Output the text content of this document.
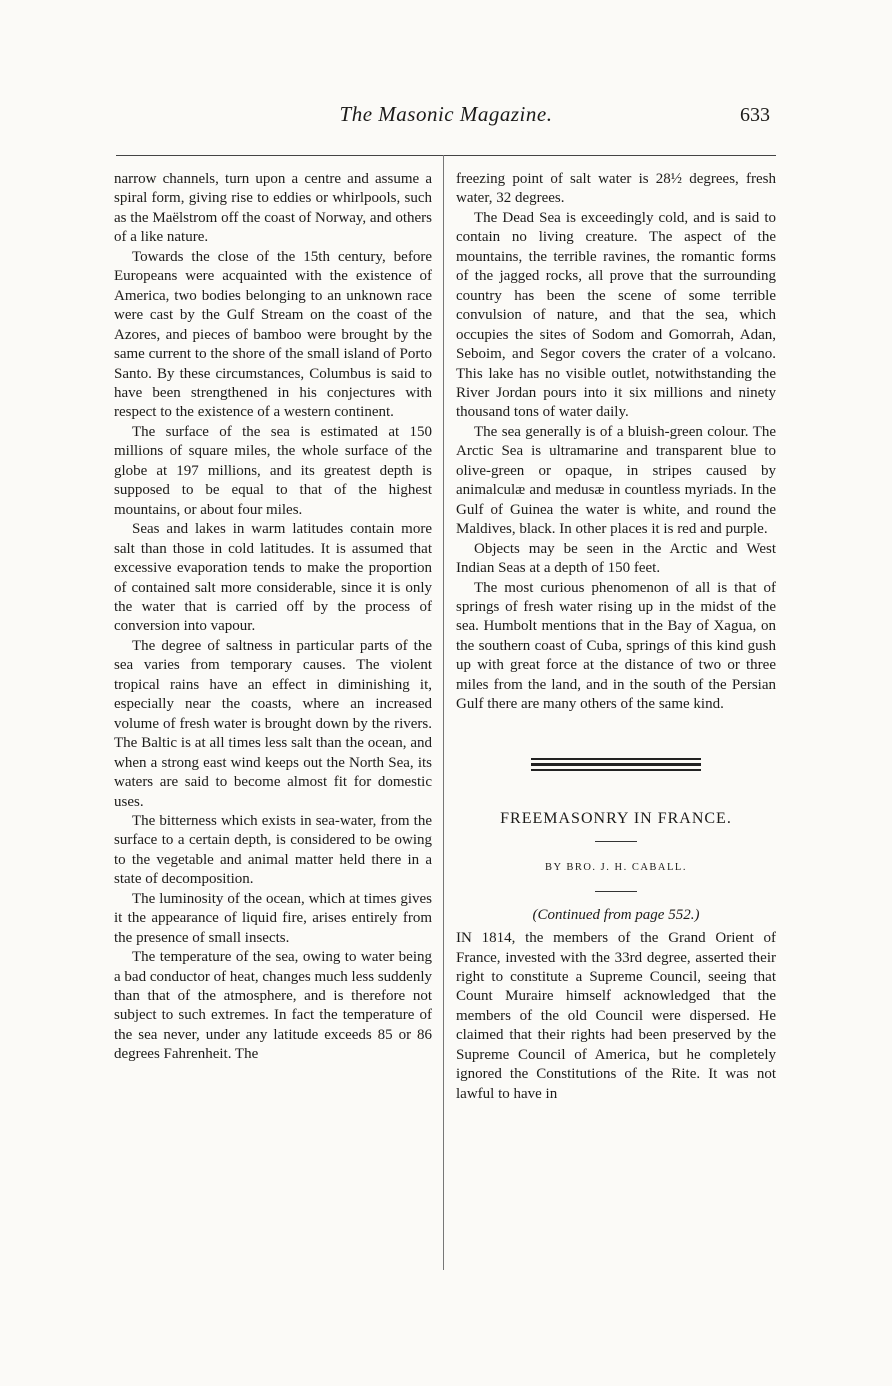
The Masonic Magazine.	633

narrow channels, turn upon a centre and assume a spiral form, giving rise to eddies or whirlpools, such as the Maëlstrom off the coast of Norway, and others of a like nature.

Towards the close of the 15th century, before Europeans were acquainted with the existence of America, two bodies belonging to an unknown race were cast by the Gulf Stream on the coast of the Azores, and pieces of bamboo were brought by the same current to the shore of the small island of Porto Santo. By these circumstances, Columbus is said to have been strengthened in his conjectures with respect to the existence of a western continent.

The surface of the sea is estimated at 150 millions of square miles, the whole surface of the globe at 197 millions, and its greatest depth is supposed to be equal to that of the highest mountains, or about four miles.

Seas and lakes in warm latitudes contain more salt than those in cold latitudes. It is assumed that excessive evaporation tends to make the proportion of contained salt more considerable, since it is only the water that is carried off by the process of conversion into vapour.

The degree of saltness in particular parts of the sea varies from temporary causes. The violent tropical rains have an effect in diminishing it, especially near the coasts, where an increased volume of fresh water is brought down by the rivers. The Baltic is at all times less salt than the ocean, and when a strong east wind keeps out the North Sea, its waters are said to become almost fit for domestic uses.

The bitterness which exists in sea-water, from the surface to a certain depth, is considered to be owing to the vegetable and animal matter held there in a state of decomposition.

The luminosity of the ocean, which at times gives it the appearance of liquid fire, arises entirely from the presence of small insects.

The temperature of the sea, owing to water being a bad conductor of heat, changes much less suddenly than that of the atmosphere, and is therefore not subject to such extremes. In fact the temperature of the sea never, under any latitude exceeds 85 or 86 degrees Fahrenheit. The

freezing point of salt water is 28½ degrees, fresh water, 32 degrees.

The Dead Sea is exceedingly cold, and is said to contain no living creature. The aspect of the mountains, the terrible ravines, the romantic forms of the jagged rocks, all prove that the surrounding country has been the scene of some terrible convulsion of nature, and that the sea, which occupies the sites of Sodom and Gomorrah, Adan, Seboim, and Segor covers the crater of a volcano. This lake has no visible outlet, notwithstanding the River Jordan pours into it six millions and ninety thousand tons of water daily.

The sea generally is of a bluish-green colour. The Arctic Sea is ultramarine and transparent blue to olive-green or opaque, in stripes caused by animalculæ and medusæ in countless myriads. In the Gulf of Guinea the water is white, and round the Maldives, black. In other places it is red and purple.

Objects may be seen in the Arctic and West Indian Seas at a depth of 150 feet.

The most curious phenomenon of all is that of springs of fresh water rising up in the midst of the sea. Humbolt mentions that in the Bay of Xagua, on the southern coast of Cuba, springs of this kind gush up with great force at the distance of two or three miles from the land, and in the south of the Persian Gulf there are many others of the same kind.

FREEMASONRY IN FRANCE.
BY BRO. J. H. CABALL.
(Continued from page 552.)

IN 1814, the members of the Grand Orient of France, invested with the 33rd degree, asserted their right to constitute a Supreme Council, seeing that Count Muraire himself acknowledged that the members of the old Council were dispersed. He claimed that their rights had been preserved by the Supreme Council of America, but he completely ignored the Constitutions of the Rite. It was not lawful to have in
